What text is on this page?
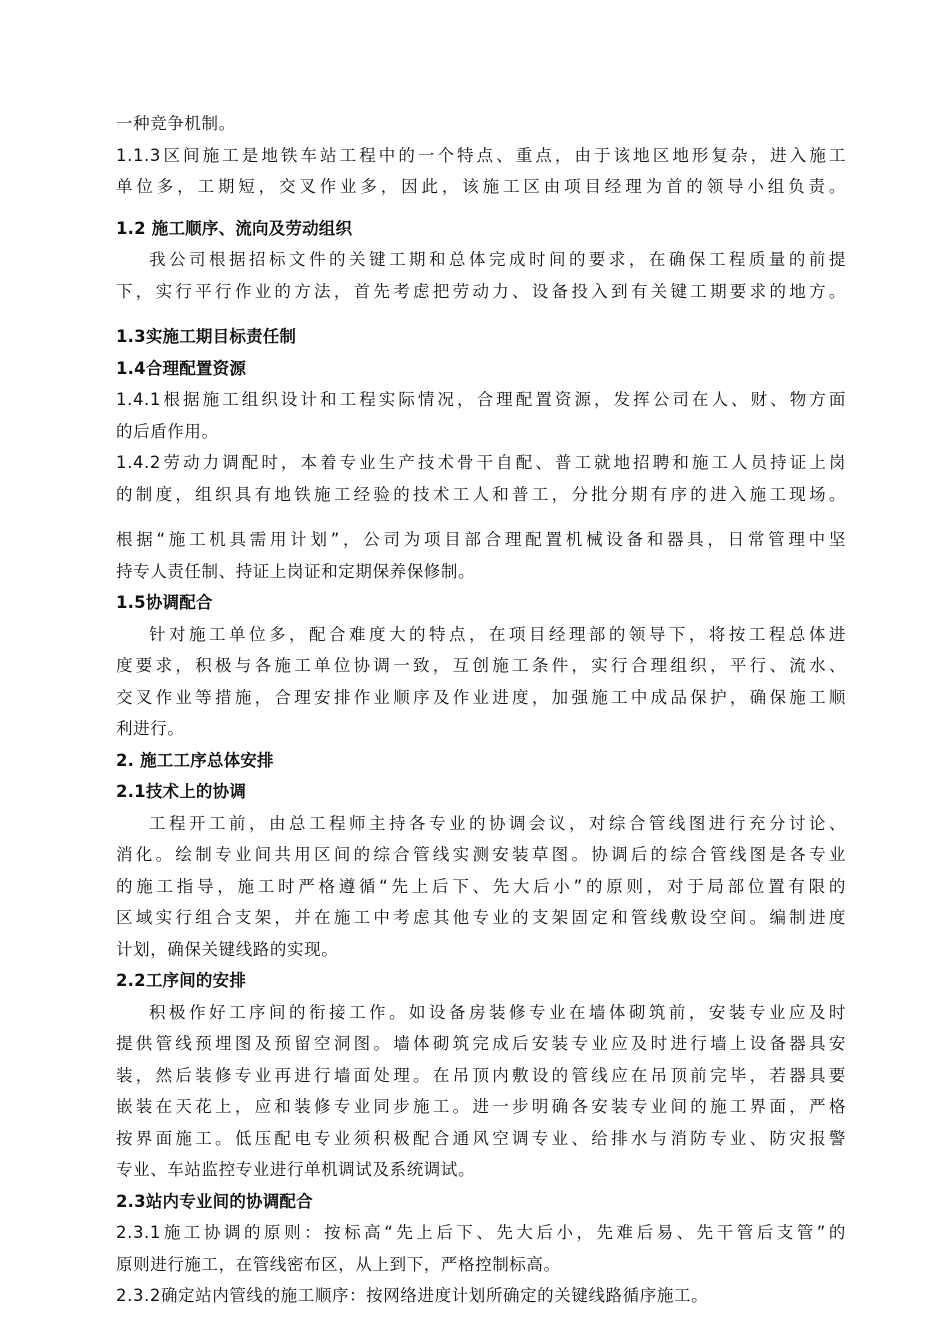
一种竞争机制。

1.1.3区间施工是地铁车站工程中的一个特点、重点，由于该地区地形复杂，进入施工

单位多，工期短，交叉作业多，因此，该施工区由项目经理为首的领导小组负责。

1.2 施工顺序、流向及劳动组织

我公司根据招标文件的关键工期和总体完成时间的要求，在确保工程质量的前提

下，实行平行作业的方法，首先考虑把劳动力、设备投入到有关键工期要求的地方。

1.3实施工期目标责任制

1.4合理配置资源

1.4.1根据施工组织设计和工程实际情况，合理配置资源，发挥公司在人、财、物方面

的后盾作用。

1.4.2劳动力调配时，本着专业生产技术骨干自配、普工就地招聘和施工人员持证上岗

的制度，组织具有地铁施工经验的技术工人和普工，分批分期有序的进入施工现场。

根据“施工机具需用计划”，公司为项目部合理配置机械设备和器具，日常管理中坚

持专人责任制、持证上岗证和定期保养保修制。

1.5协调配合

针对施工单位多，配合难度大的特点，在项目经理部的领导下，将按工程总体进

度要求，积极与各施工单位协调一致，互创施工条件，实行合理组织，平行、流水、

交叉作业等措施，合理安排作业顺序及作业进度，加强施工中成品保护，确保施工顺

利进行。

2. 施工工序总体安排

2.1技术上的协调

工程开工前，由总工程师主持各专业的协调会议，对综合管线图进行充分讨论、

消化。绘制专业间共用区间的综合管线实测安装草图。协调后的综合管线图是各专业

的施工指导，施工时严格遵循“先上后下、先大后小”的原则，对于局部位置有限的

区域实行组合支架，并在施工中考虑其他专业的支架固定和管线敷设空间。编制进度

计划，确保关键线路的实现。

2.2工序间的安排

积极作好工序间的衔接工作。如设备房装修专业在墙体砌筑前，安装专业应及时

提供管线预埋图及预留空洞图。墙体砌筑完成后安装专业应及时进行墙上设备器具安

装，然后装修专业再进行墙面处理。在吊顶内敷设的管线应在吊顶前完毕，若器具要

嵌装在天花上，应和装修专业同步施工。进一步明确各安装专业间的施工界面，严格

按界面施工。低压配电专业须积极配合通风空调专业、给排水与消防专业、防灾报警

专业、车站监控专业进行单机调试及系统调试。

2.3站内专业间的协调配合

2.3.1施工协调的原则：按标高“先上后下、先大后小，先难后易、先干管后支管”的

原则进行施工，在管线密布区，从上到下，严格控制标高。

2.3.2确定站内管线的施工顺序：按网络进度计划所确定的关键线路循序施工。
